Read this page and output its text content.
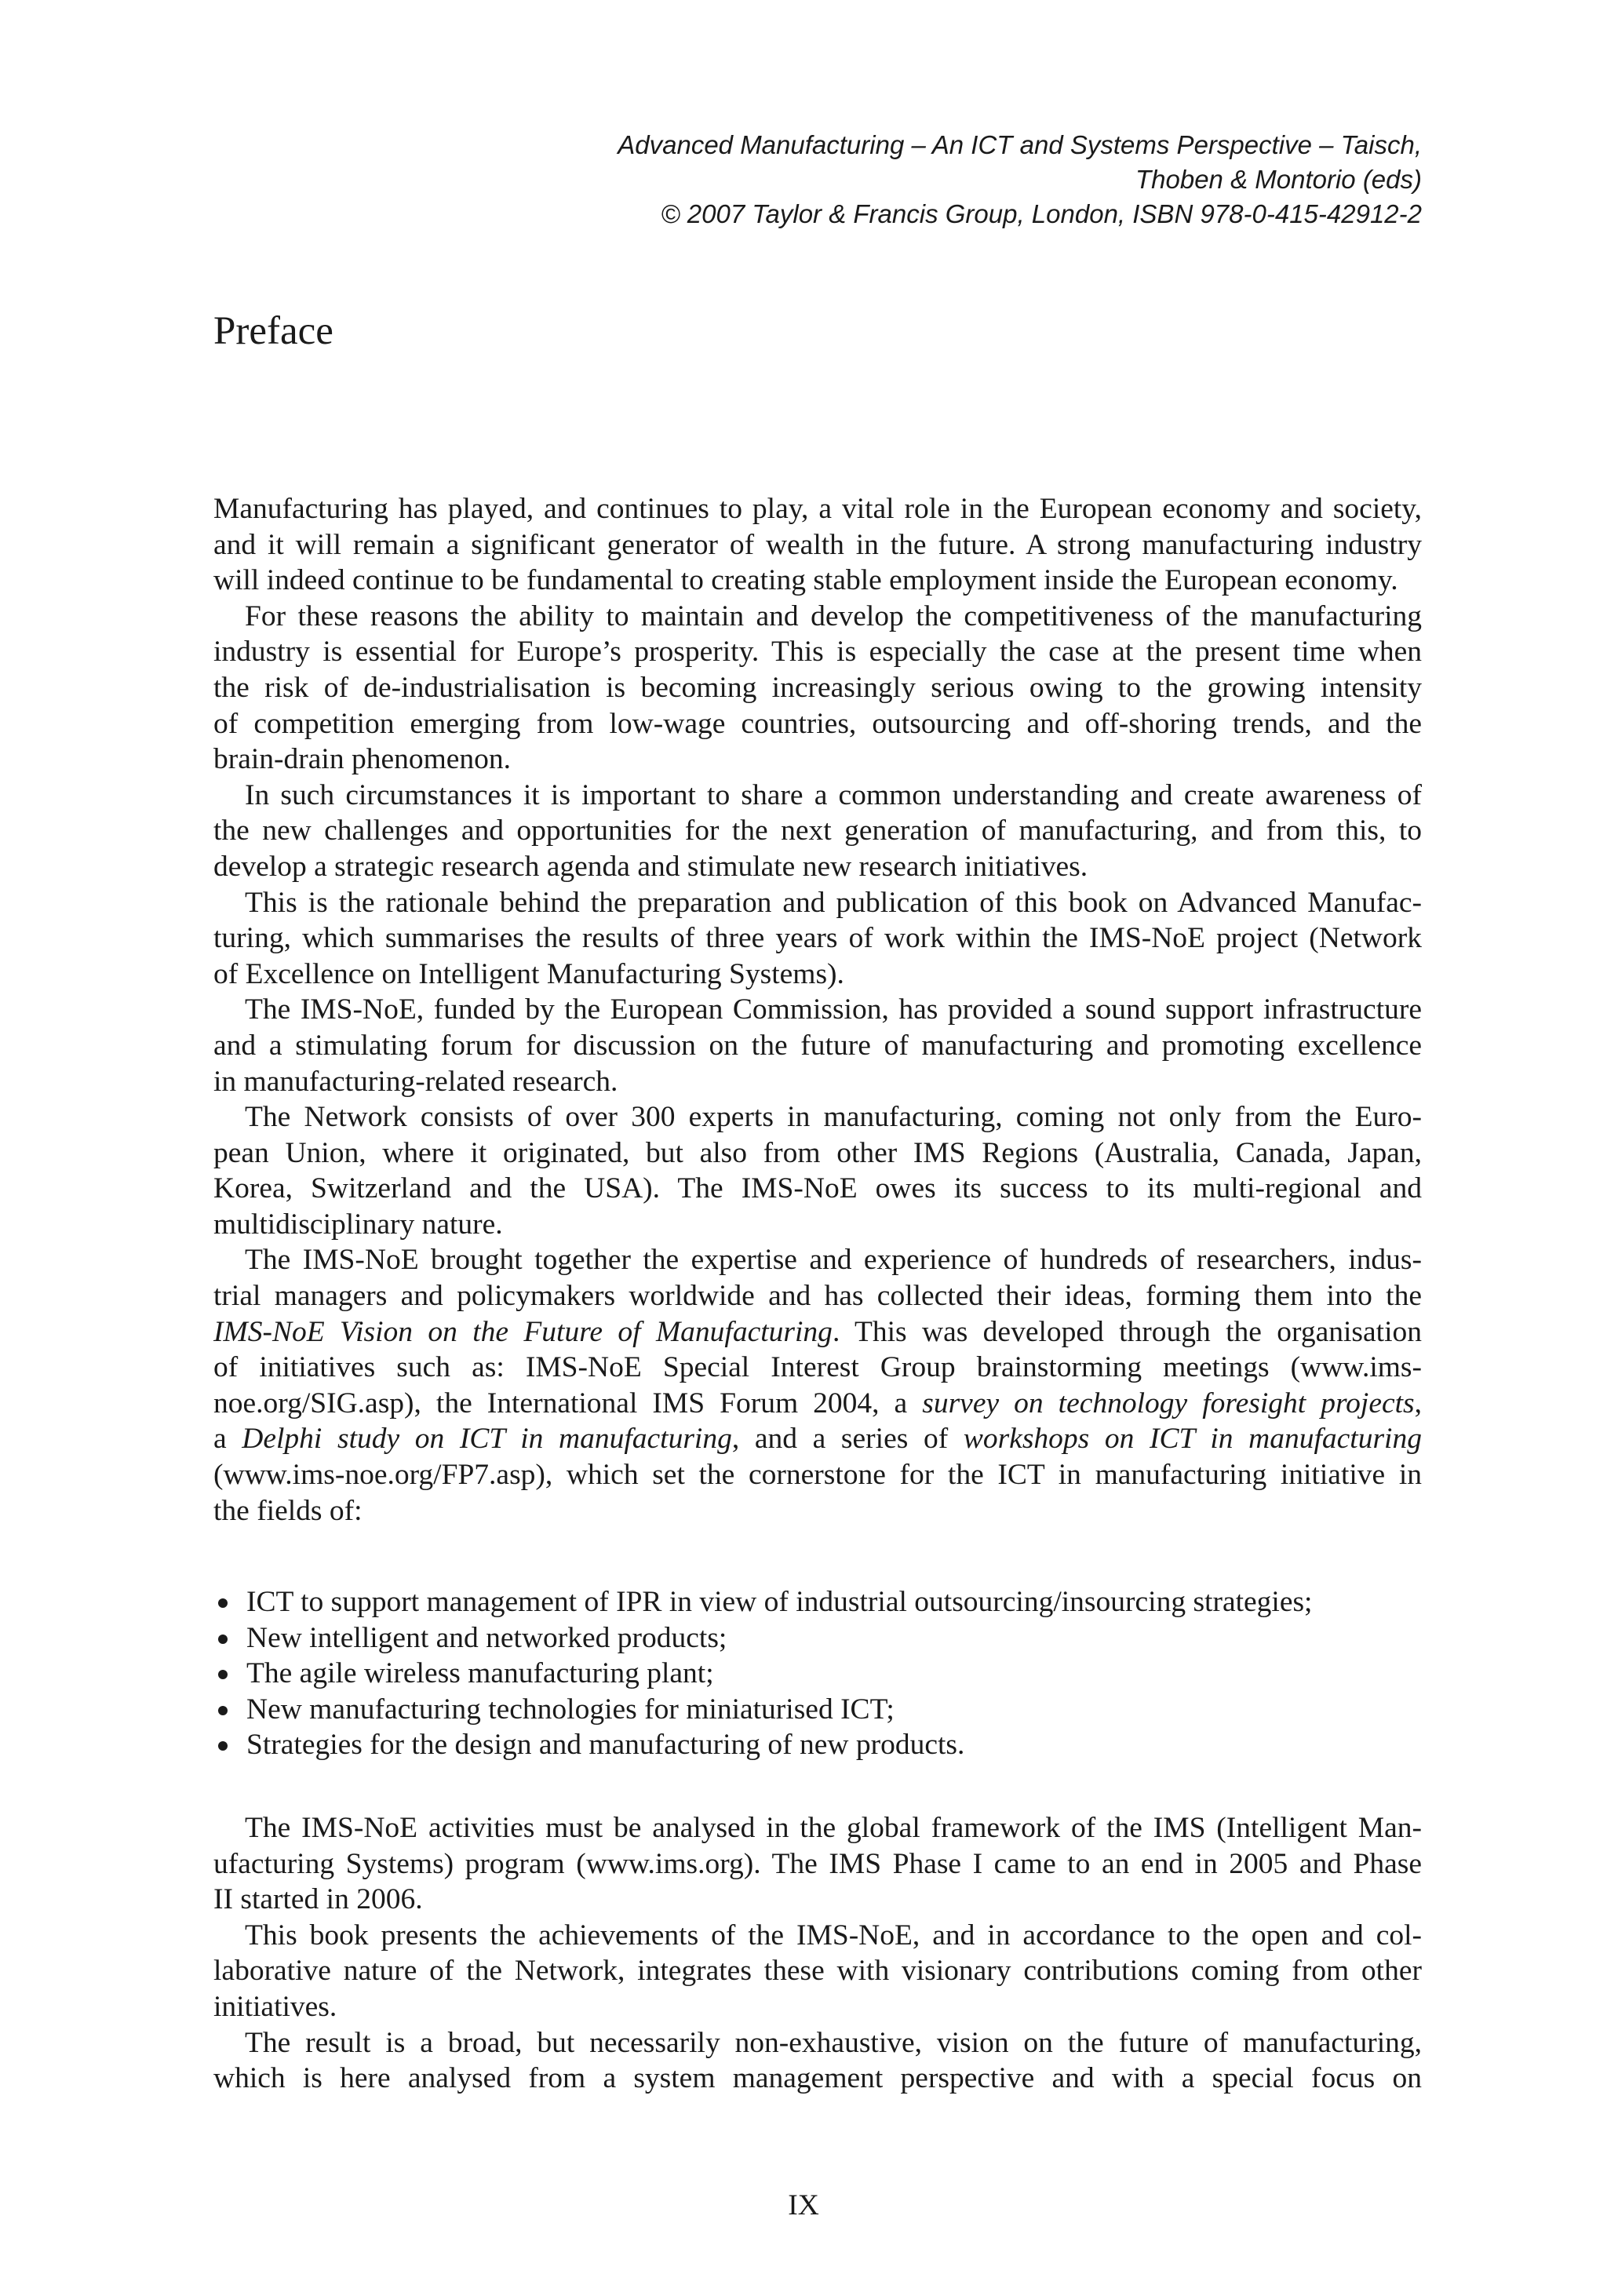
Advanced Manufacturing – An ICT and Systems Perspective – Taisch,
Thoben & Montorio (eds)
© 2007 Taylor & Francis Group, London, ISBN 978-0-415-42912-2
Preface
Manufacturing has played, and continues to play, a vital role in the European economy and society,
and it will remain a significant generator of wealth in the future. A strong manufacturing industry
will indeed continue to be fundamental to creating stable employment inside the European economy.
For these reasons the ability to maintain and develop the competitiveness of the manufacturing
industry is essential for Europe’s prosperity. This is especially the case at the present time when
the risk of de-industrialisation is becoming increasingly serious owing to the growing intensity
of competition emerging from low-wage countries, outsourcing and off-shoring trends, and the
brain-drain phenomenon.
In such circumstances it is important to share a common understanding and create awareness of
the new challenges and opportunities for the next generation of manufacturing, and from this, to
develop a strategic research agenda and stimulate new research initiatives.
This is the rationale behind the preparation and publication of this book on Advanced Manufac-
turing, which summarises the results of three years of work within the IMS-NoE project (Network
of Excellence on Intelligent Manufacturing Systems).
The IMS-NoE, funded by the European Commission, has provided a sound support infrastructure
and a stimulating forum for discussion on the future of manufacturing and promoting excellence
in manufacturing-related research.
The Network consists of over 300 experts in manufacturing, coming not only from the Euro-
pean Union, where it originated, but also from other IMS Regions (Australia, Canada, Japan,
Korea, Switzerland and the USA). The IMS-NoE owes its success to its multi-regional and
multidisciplinary nature.
The IMS-NoE brought together the expertise and experience of hundreds of researchers, indus-
trial managers and policymakers worldwide and has collected their ideas, forming them into the
IMS-NoE Vision on the Future of Manufacturing. This was developed through the organisation
of initiatives such as: IMS-NoE Special Interest Group brainstorming meetings (www.ims-
noe.org/SIG.asp), the International IMS Forum 2004, a survey on technology foresight projects,
a Delphi study on ICT in manufacturing, and a series of workshops on ICT in manufacturing
(www.ims-noe.org/FP7.asp), which set the cornerstone for the ICT in manufacturing initiative in
the fields of:
ICT to support management of IPR in view of industrial outsourcing/insourcing strategies;
New intelligent and networked products;
The agile wireless manufacturing plant;
New manufacturing technologies for miniaturised ICT;
Strategies for the design and manufacturing of new products.
The IMS-NoE activities must be analysed in the global framework of the IMS (Intelligent Man-
ufacturing Systems) program (www.ims.org). The IMS Phase I came to an end in 2005 and Phase
II started in 2006.
This book presents the achievements of the IMS-NoE, and in accordance to the open and col-
laborative nature of the Network, integrates these with visionary contributions coming from other
initiatives.
The result is a broad, but necessarily non-exhaustive, vision on the future of manufacturing,
which is here analysed from a system management perspective and with a special focus on
IX
